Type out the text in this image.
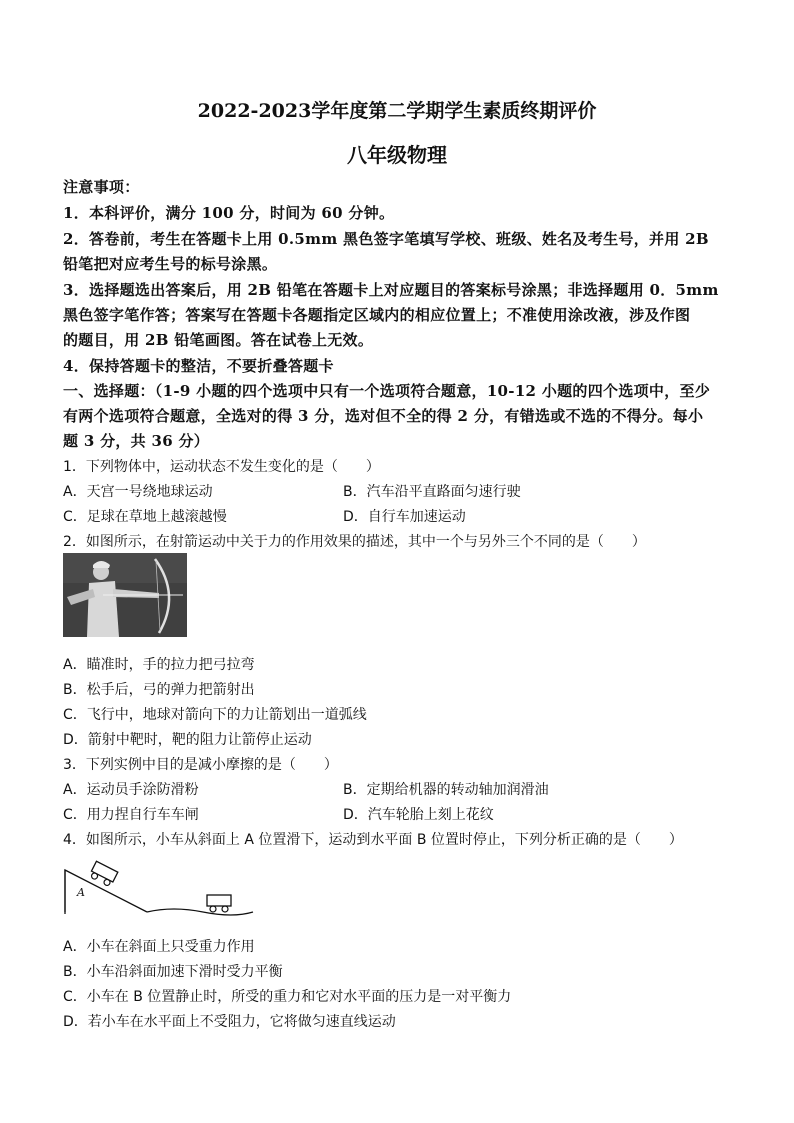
2022-2023学年度第二学期学生素质终期评价
八年级物理
注意事项：
1．本科评价，满分 100 分，时间为 60 分钟。
2．答卷前，考生在答题卡上用 0.5mm 黑色签字笔填写学校、班级、姓名及考生号，并用 2B
铅笔把对应考生号的标号涂黑。
3．选择题选出答案后，用 2B 铅笔在答题卡上对应题目的答案标号涂黑；非选择题用 0．5mm
黑色签字笔作答；答案写在答题卡各题指定区域内的相应位置上；不准使用涂改液，涉及作图
的题目，用 2B 铅笔画图。答在试卷上无效。
4．保持答题卡的整洁，不要折叠答题卡
一、选择题：（1-9 小题的四个选项中只有一个选项符合题意，10-12 小题的四个选项中，至少
有两个选项符合题意，全选对的得 3 分，选对但不全的得 2 分，有错选或不选的不得分。每小
题 3 分，共 36 分）
1．下列物体中，运动状态不发生变化的是（　　）
A．天宫一号绕地球运动	B．汽车沿平直路面匀速行驶
C．足球在草地上越滚越慢	D．自行车加速运动
2．如图所示，在射箭运动中关于力的作用效果的描述，其中一个与另外三个不同的是（　　）
A．瞄准时，手的拉力把弓拉弯
B．松手后，弓的弹力把箭射出
C．飞行中，地球对箭向下的力让箭划出一道弧线
D．箭射中靶时，靶的阻力让箭停止运动
3．下列实例中目的是减小摩擦的是（　　）
A．运动员手涂防滑粉	B．定期给机器的转动轴加润滑油
C．用力捏自行车车闸	D．汽车轮胎上刻上花纹
4．如图所示，小车从斜面上 A 位置滑下，运动到水平面 B 位置时停止，下列分析正确的是（　　）
A
A．小车在斜面上只受重力作用
B．小车沿斜面加速下滑时受力平衡
C．小车在 B 位置静止时，所受的重力和它对水平面的压力是一对平衡力
D．若小车在水平面上不受阻力，它将做匀速直线运动
